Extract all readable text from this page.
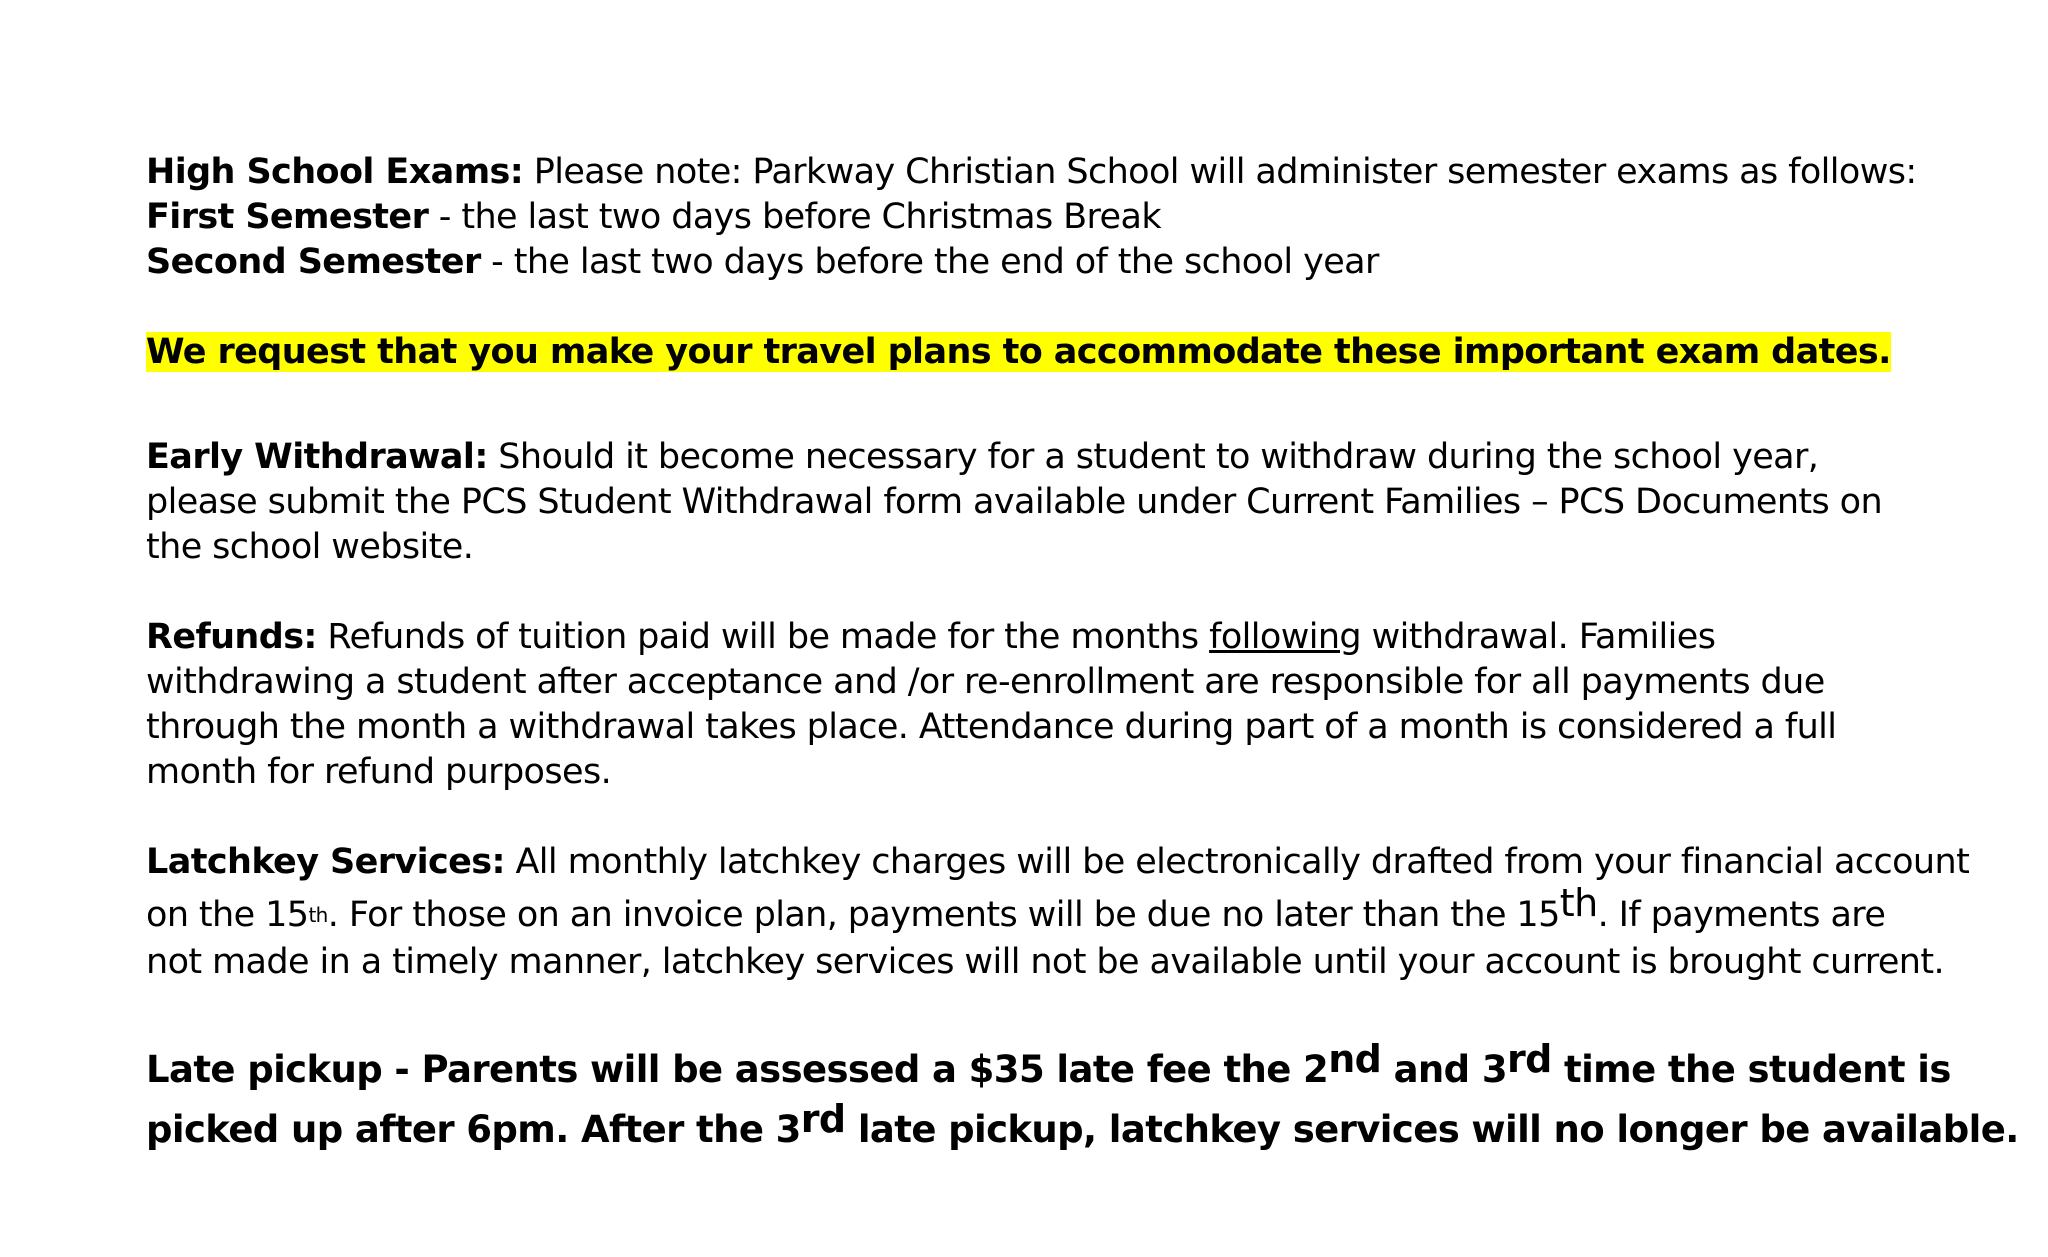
High School Exams: Please note: Parkway Christian School will administer semester exams as follows:
First Semester - the last two days before Christmas Break
Second Semester - the last two days before the end of the school year
We request that you make your travel plans to accommodate these important exam dates.
Early Withdrawal: Should it become necessary for a student to withdraw during the school year,
please submit the PCS Student Withdrawal form available under Current Families – PCS Documents on
the school website.
Refunds: Refunds of tuition paid will be made for the months following withdrawal. Families
withdrawing a student after acceptance and /or re-enrollment are responsible for all payments due
through the month a withdrawal takes place. Attendance during part of a month is considered a full
month for refund purposes.
Latchkey Services: All monthly latchkey charges will be electronically drafted from your financial account
on the 15th. For those on an invoice plan, payments will be due no later than the 15th. If payments are
not made in a timely manner, latchkey services will not be available until your account is brought current.
Late pickup - Parents will be assessed a $35 late fee the 2nd and 3rd time the student is
picked up after 6pm. After the 3rd late pickup, latchkey services will no longer be available.
